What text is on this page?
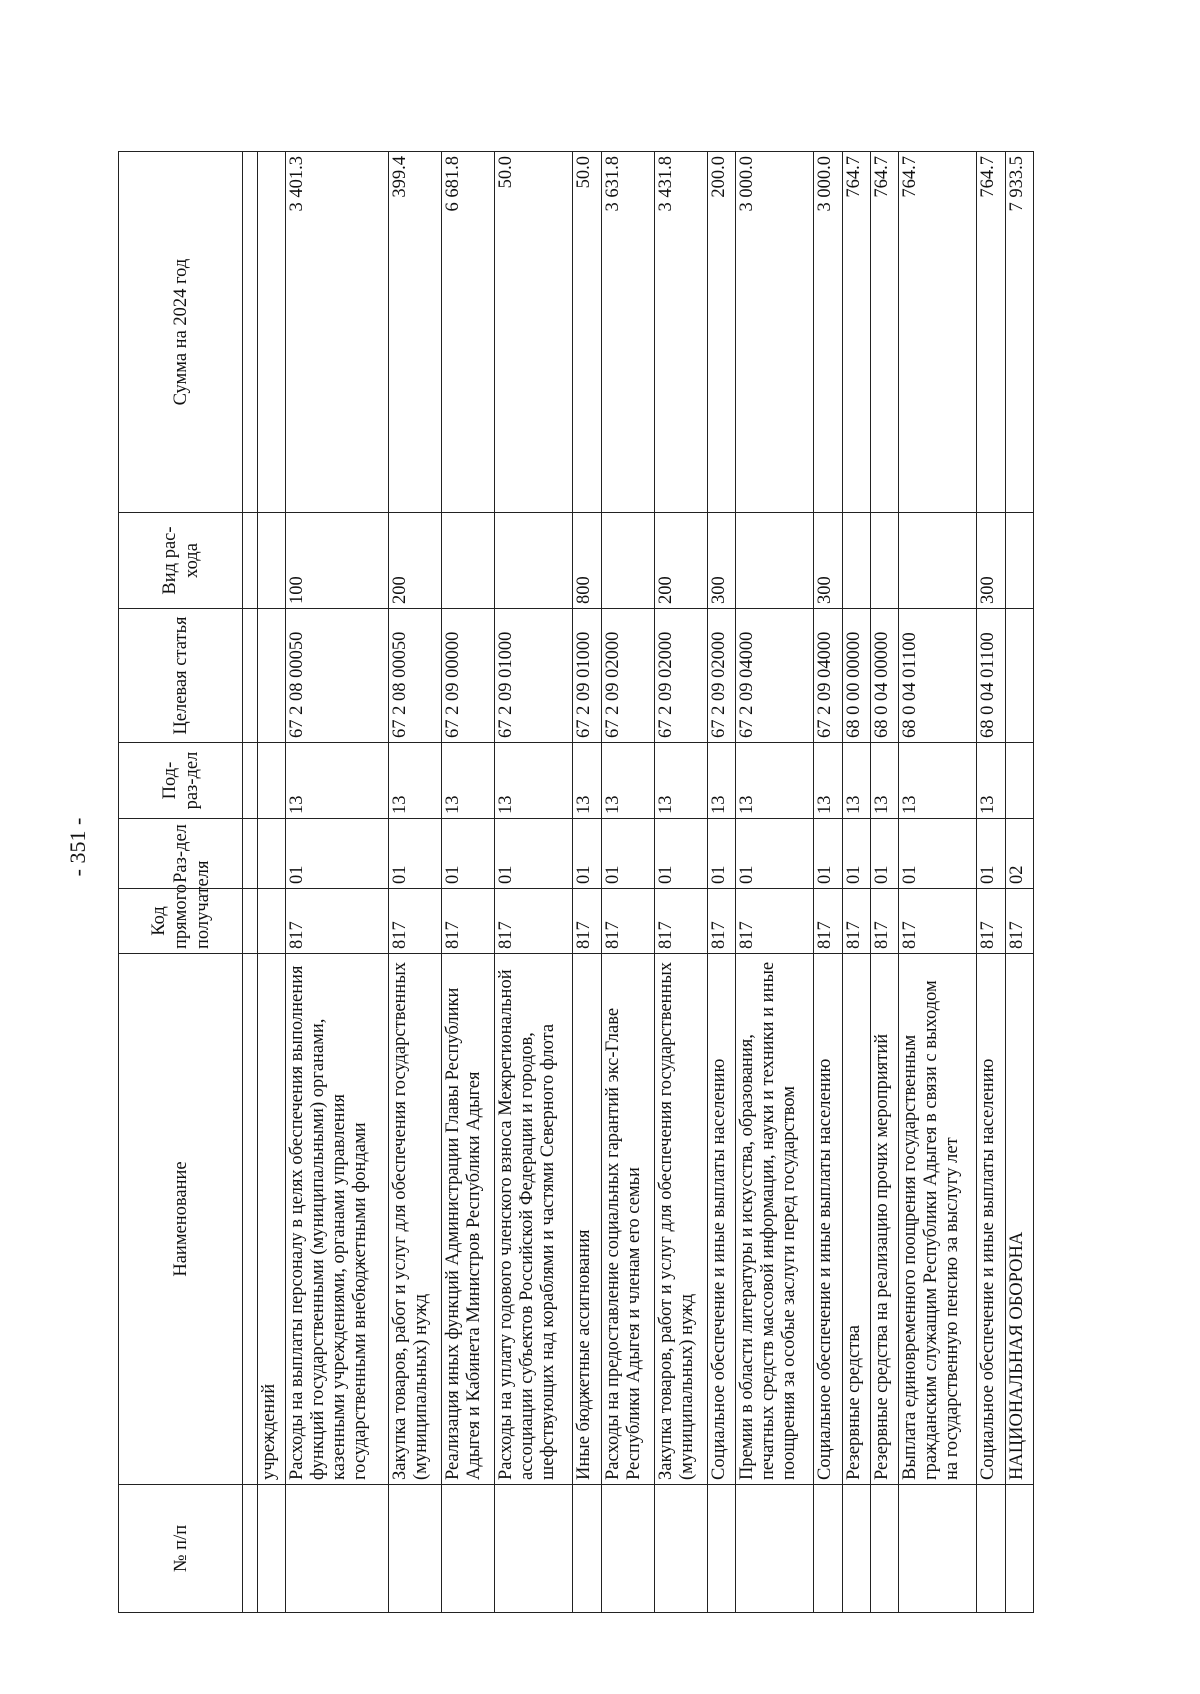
- 351 -
№ п/п	Наименование	Код прямого получателя	Раз-дел	Под-раз-дел	Целевая статья	Вид рас-хода	Сумма на 2024 год

	учреждений						
	Расходы на выплаты персоналу в целях обеспечения выполнения функций государственными (муниципальными) органами, казенными учреждениями, органами управления государственными внебюджетными фондами	817	01	13	67 2 08 00050	100	3 401.3
	Закупка товаров, работ и услуг для обеспечения государственных (муниципальных) нужд	817	01	13	67 2 08 00050	200	399.4
	Реализация иных функций Администрации Главы Республики Адыгея и Кабинета Министров Республики Адыгея	817	01	13	67 2 09 00000		6 681.8
	Расходы на уплату годового членского взноса Межрегиональной ассоциации субъектов Российской Федерации и городов, шефствующих над кораблями и частями Северного флота	817	01	13	67 2 09 01000		50.0
	Иные бюджетные ассигнования	817	01	13	67 2 09 01000	800	50.0
	Расходы на предоставление социальных гарантий экс-Главе Республики Адыгея и членам его семьи	817	01	13	67 2 09 02000		3 631.8
	Закупка товаров, работ и услуг для обеспечения государственных (муниципальных) нужд	817	01	13	67 2 09 02000	200	3 431.8
	Социальное обеспечение и иные выплаты населению	817	01	13	67 2 09 02000	300	200.0
	Премии в области литературы и искусства, образования, печатных средств массовой информации, науки и техники и иные поощрения за особые заслуги перед государством	817	01	13	67 2 09 04000		3 000.0
	Социальное обеспечение и иные выплаты населению	817	01	13	67 2 09 04000	300	3 000.0
	Резервные средства	817	01	13	68 0 00 00000		764.7
	Резервные средства на реализацию прочих мероприятий	817	01	13	68 0 04 00000		764.7
	Выплата единовременного поощрения государственным гражданским служащим Республики Адыгея в связи с выходом на государственную пенсию за выслугу лет	817	01	13	68 0 04 01100		764.7
	Социальное обеспечение и иные выплаты населению	817	01	13	68 0 04 01100	300	764.7
	НАЦИОНАЛЬНАЯ ОБОРОНА	817	02				7 933.5
